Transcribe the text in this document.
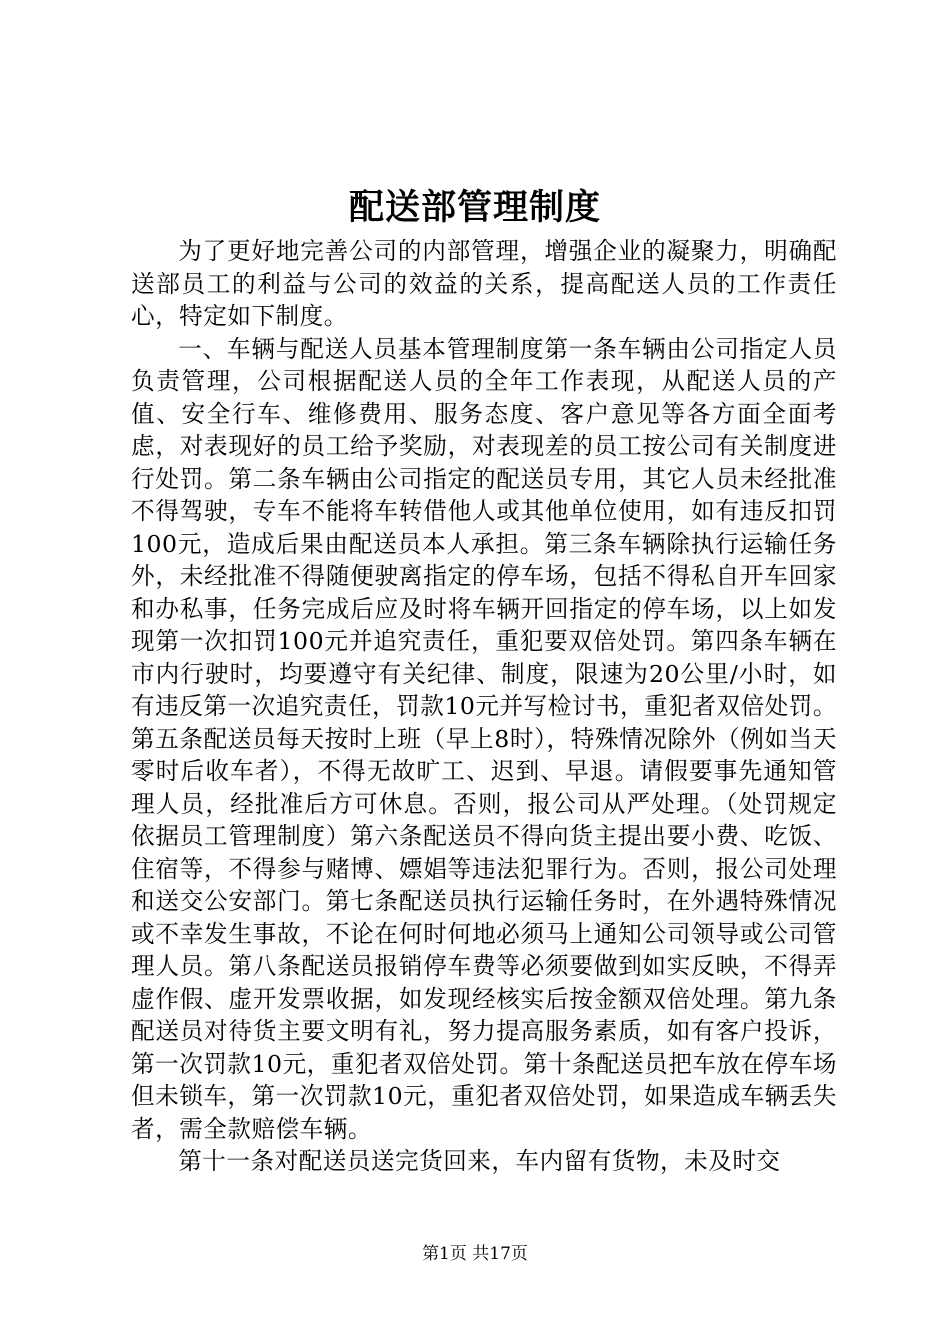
配送部管理制度

为了更好地完善公司的内部管理，增强企业的凝聚力，明确配送部员工的利益与公司的效益的关系，提高配送人员的工作责任心，特定如下制度。

一、车辆与配送人员基本管理制度第一条车辆由公司指定人员负责管理，公司根据配送人员的全年工作表现，从配送人员的产值、安全行车、维修费用、服务态度、客户意见等各方面全面考虑，对表现好的员工给予奖励，对表现差的员工按公司有关制度进行处罚。第二条车辆由公司指定的配送员专用，其它人员未经批准不得驾驶，专车不能将车转借他人或其他单位使用，如有违反扣罚100元，造成后果由配送员本人承担。第三条车辆除执行运输任务外，未经批准不得随便驶离指定的停车场，包括不得私自开车回家和办私事，任务完成后应及时将车辆开回指定的停车场，以上如发现第一次扣罚100元并追究责任，重犯要双倍处罚。第四条车辆在市内行驶时，均要遵守有关纪律、制度，限速为20公里/小时，如有违反第一次追究责任，罚款10元并写检讨书，重犯者双倍处罚。第五条配送员每天按时上班（早上8时），特殊情况除外（例如当天零时后收车者），不得无故旷工、迟到、早退。请假要事先通知管理人员，经批准后方可休息。否则，报公司从严处理。（处罚规定依据员工管理制度）第六条配送员不得向货主提出要小费、吃饭、住宿等，不得参与赌博、嫖娼等违法犯罪行为。否则，报公司处理和送交公安部门。第七条配送员执行运输任务时，在外遇特殊情况或不幸发生事故，不论在何时何地必须马上通知公司领导或公司管理人员。第八条配送员报销停车费等必须要做到如实反映，不得弄虚作假、虚开发票收据，如发现经核实后按金额双倍处理。第九条配送员对待货主要文明有礼，努力提高服务素质，如有客户投诉，第一次罚款10元，重犯者双倍处罚。第十条配送员把车放在停车场但未锁车，第一次罚款10元，重犯者双倍处罚，如果造成车辆丢失者，需全款赔偿车辆。

第十一条对配送员送完货回来，车内留有货物，未及时交

第1页 共17页
